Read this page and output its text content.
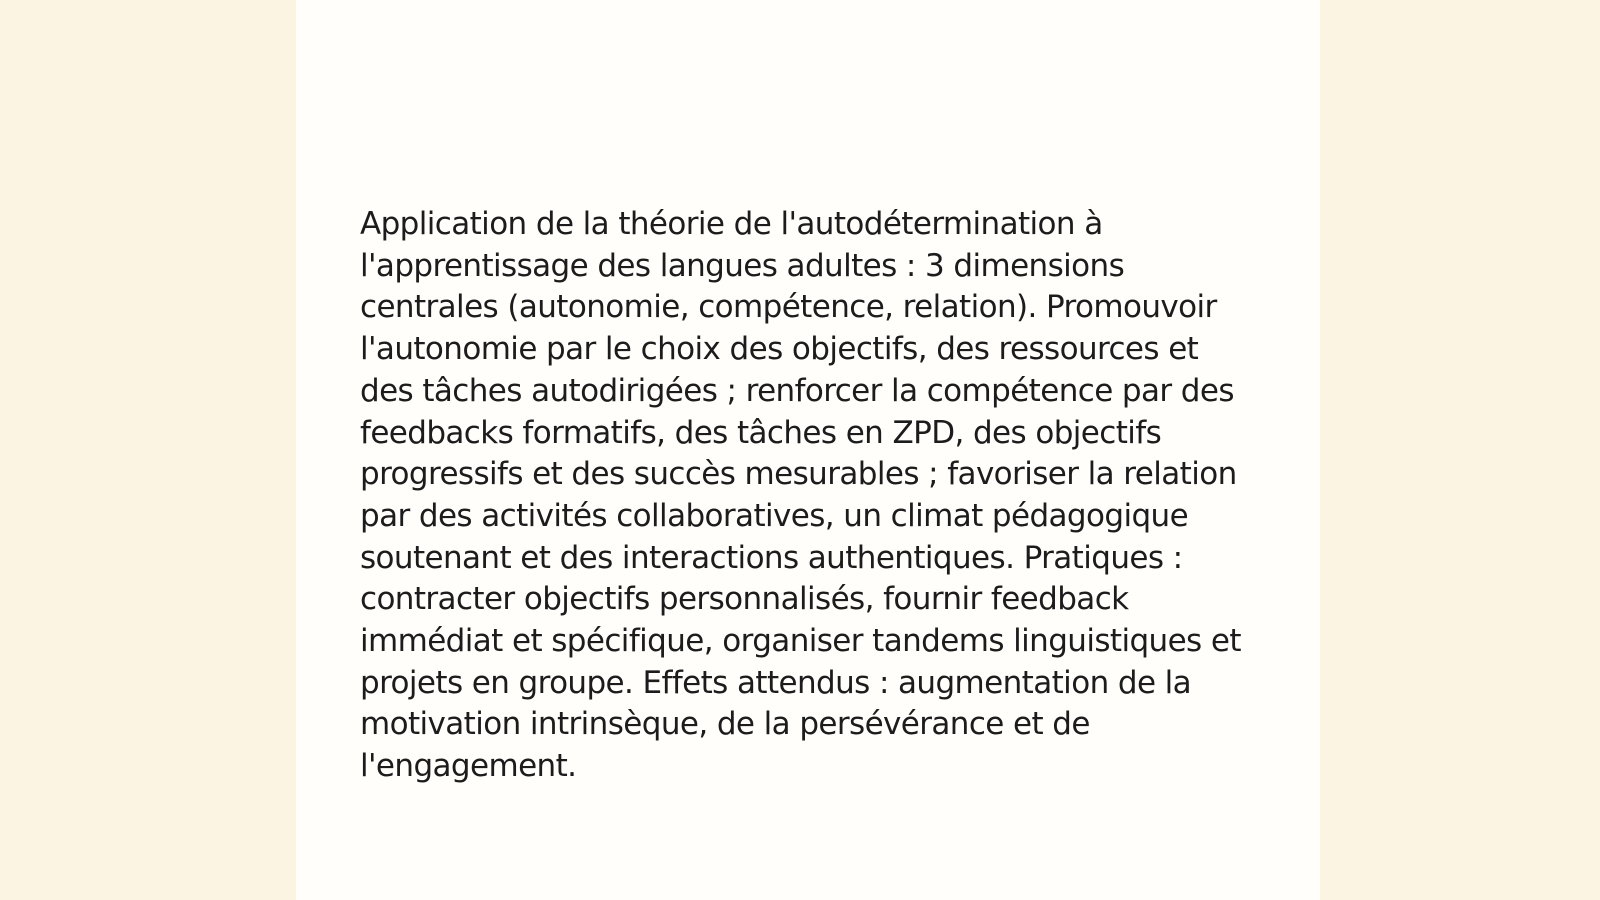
Application de la théorie de l'autodétermination à l'apprentissage des langues adultes : 3 dimensions centrales (autonomie, compétence, relation). Promouvoir l'autonomie par le choix des objectifs, des ressources et des tâches autodirigées ; renforcer la compétence par des feedbacks formatifs, des tâches en ZPD, des objectifs progressifs et des succès mesurables ; favoriser la relation par des activités collaboratives, un climat pédagogique soutenant et des interactions authentiques. Pratiques : contracter objectifs personnalisés, fournir feedback immédiat et spécifique, organiser tandems linguistiques et projets en groupe. Effets attendus : augmentation de la motivation intrinsèque, de la persévérance et de l'engagement.
